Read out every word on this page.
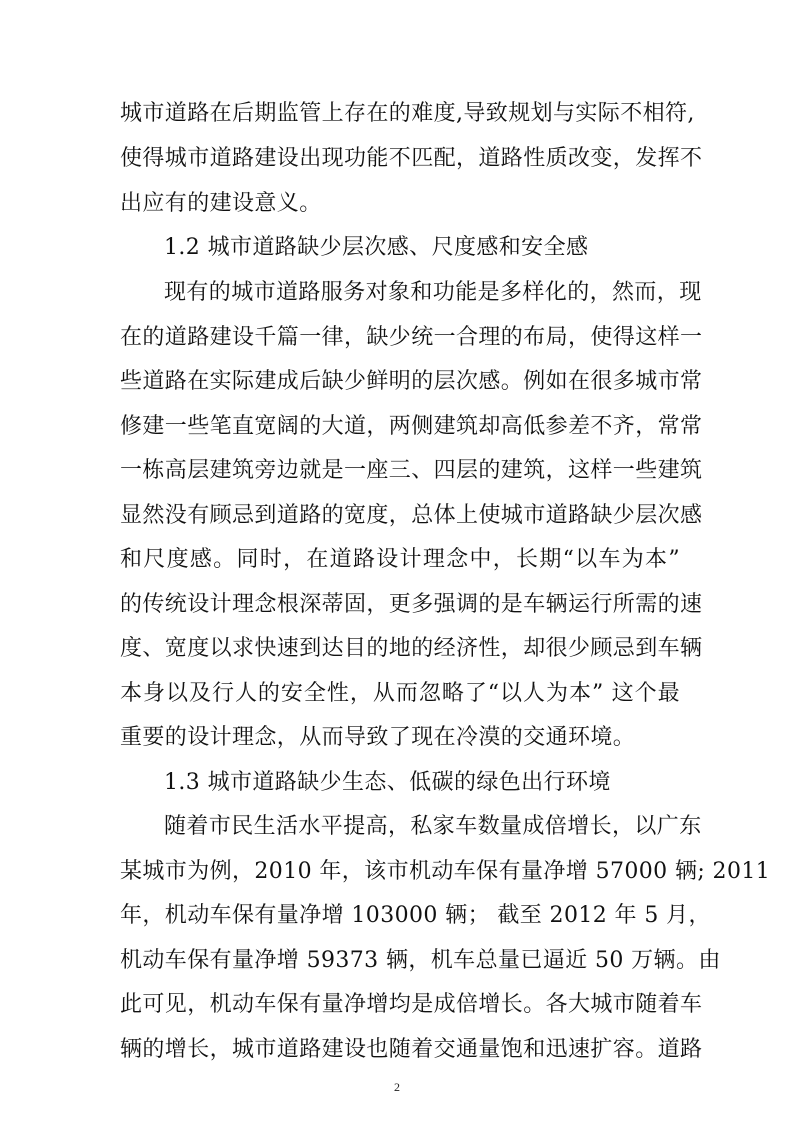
城市道路在后期监管上存在的难度,导致规划与实际不相符,
使得城市道路建设出现功能不匹配，道路性质改变，发挥不
出应有的建设意义。
1.2 城市道路缺少层次感、尺度感和安全感
现有的城市道路服务对象和功能是多样化的，然而，现
在的道路建设千篇一律，缺少统一合理的布局，使得这样一
些道路在实际建成后缺少鲜明的层次感。例如在很多城市常
修建一些笔直宽阔的大道，两侧建筑却高低参差不齐，常常
一栋高层建筑旁边就是一座三、四层的建筑，这样一些建筑
显然没有顾忌到道路的宽度，总体上使城市道路缺少层次感
和尺度感。同时，在道路设计理念中，长期“以车为本”
的传统设计理念根深蒂固，更多强调的是车辆运行所需的速
度、宽度以求快速到达目的地的经济性，却很少顾忌到车辆
本身以及行人的安全性，从而忽略了“以人为本” 这个最
重要的设计理念，从而导致了现在冷漠的交通环境。
1.3 城市道路缺少生态、低碳的绿色出行环境
随着市民生活水平提高，私家车数量成倍增长，以广东
某城市为例，2010 年，该市机动车保有量净增 57000 辆; 2011
年，机动车保有量净增 103000 辆； 截至 2012 年 5 月，
机动车保有量净增 59373 辆，机车总量已逼近 50 万辆。由
此可见，机动车保有量净增均是成倍增长。各大城市随着车
辆的增长，城市道路建设也随着交通量饱和迅速扩容。道路
2
